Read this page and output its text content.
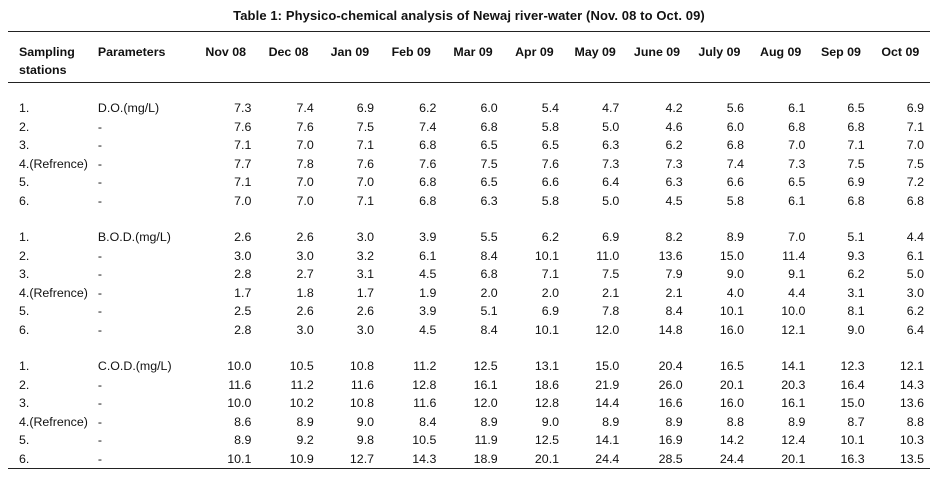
Table 1: Physico-chemical analysis of Newaj river-water (Nov. 08 to Oct. 09)
Sampling
stations	Parameters	Nov 08	Dec 08	Jan 09	Feb 09	Mar 09	Apr 09	May 09	June 09	July 09	Aug 09	Sep 09	Oct 09

1.	D.O.(mg/L)	7.3	7.4	6.9	6.2	6.0	5.4	4.7	4.2	5.6	6.1	6.5	6.9
2.	-	7.6	7.6	7.5	7.4	6.8	5.8	5.0	4.6	6.0	6.8	6.8	7.1
3.	-	7.1	7.0	7.1	6.8	6.5	6.5	6.3	6.2	6.8	7.0	7.1	7.0
4.(Refrence)	-	7.7	7.8	7.6	7.6	7.5	7.6	7.3	7.3	7.4	7.3	7.5	7.5
5.	-	7.1	7.0	7.0	6.8	6.5	6.6	6.4	6.3	6.6	6.5	6.9	7.2
6.	-	7.0	7.0	7.1	6.8	6.3	5.8	5.0	4.5	5.8	6.1	6.8	6.8

1.	B.O.D.(mg/L)	2.6	2.6	3.0	3.9	5.5	6.2	6.9	8.2	8.9	7.0	5.1	4.4
2.	-	3.0	3.0	3.2	6.1	8.4	10.1	11.0	13.6	15.0	11.4	9.3	6.1
3.	-	2.8	2.7	3.1	4.5	6.8	7.1	7.5	7.9	9.0	9.1	6.2	5.0
4.(Refrence)	-	1.7	1.8	1.7	1.9	2.0	2.0	2.1	2.1	4.0	4.4	3.1	3.0
5.	-	2.5	2.6	2.6	3.9	5.1	6.9	7.8	8.4	10.1	10.0	8.1	6.2
6.	-	2.8	3.0	3.0	4.5	8.4	10.1	12.0	14.8	16.0	12.1	9.0	6.4

1.	C.O.D.(mg/L)	10.0	10.5	10.8	11.2	12.5	13.1	15.0	20.4	16.5	14.1	12.3	12.1
2.	-	11.6	11.2	11.6	12.8	16.1	18.6	21.9	26.0	20.1	20.3	16.4	14.3
3.	-	10.0	10.2	10.8	11.6	12.0	12.8	14.4	16.6	16.0	16.1	15.0	13.6
4.(Refrence)	-	8.6	8.9	9.0	8.4	8.9	9.0	8.9	8.9	8.8	8.9	8.7	8.8
5.	-	8.9	9.2	9.8	10.5	11.9	12.5	14.1	16.9	14.2	12.4	10.1	10.3
6.	-	10.1	10.9	12.7	14.3	18.9	20.1	24.4	28.5	24.4	20.1	16.3	13.5
